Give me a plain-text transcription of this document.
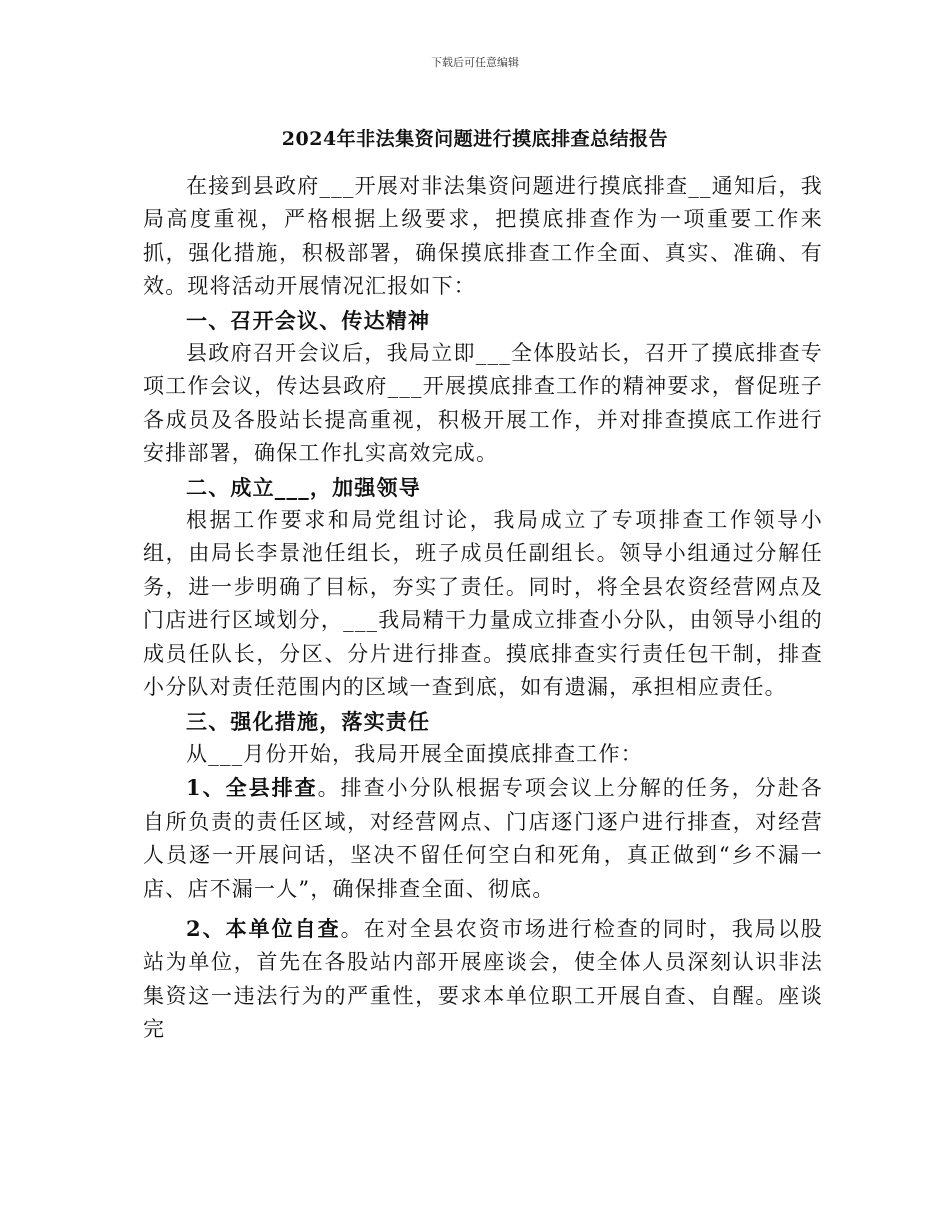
下载后可任意编辑
2024年非法集资问题进行摸底排查总结报告

在接到县政府___开展对非法集资问题进行摸底排查__通知后，我局高度重视，严格根据上级要求，把摸底排查作为一项重要工作来抓，强化措施，积极部署，确保摸底排查工作全面、真实、准确、有效。现将活动开展情况汇报如下：

一、召开会议、传达精神

县政府召开会议后，我局立即___全体股站长，召开了摸底排查专项工作会议，传达县政府___开展摸底排查工作的精神要求，督促班子各成员及各股站长提高重视，积极开展工作，并对排查摸底工作进行安排部署，确保工作扎实高效完成。

二、成立___，加强领导

根据工作要求和局党组讨论，我局成立了专项排查工作领导小组，由局长李景池任组长，班子成员任副组长。领导小组通过分解任务，进一步明确了目标，夯实了责任。同时，将全县农资经营网点及门店进行区域划分，___我局精干力量成立排查小分队，由领导小组的成员任队长，分区、分片进行排查。摸底排查实行责任包干制，排查小分队对责任范围内的区域一查到底，如有遗漏，承担相应责任。

三、强化措施，落实责任

从___月份开始，我局开展全面摸底排查工作：

1、全县排查。排查小分队根据专项会议上分解的任务，分赴各自所负责的责任区域，对经营网点、门店逐门逐户进行排查，对经营人员逐一开展问话，坚决不留任何空白和死角，真正做到“乡不漏一店、店不漏一人”，确保排查全面、彻底。

2、本单位自查。在对全县农资市场进行检查的同时，我局以股站为单位，首先在各股站内部开展座谈会，使全体人员深刻认识非法集资这一违法行为的严重性，要求本单位职工开展自查、自醒。座谈完
